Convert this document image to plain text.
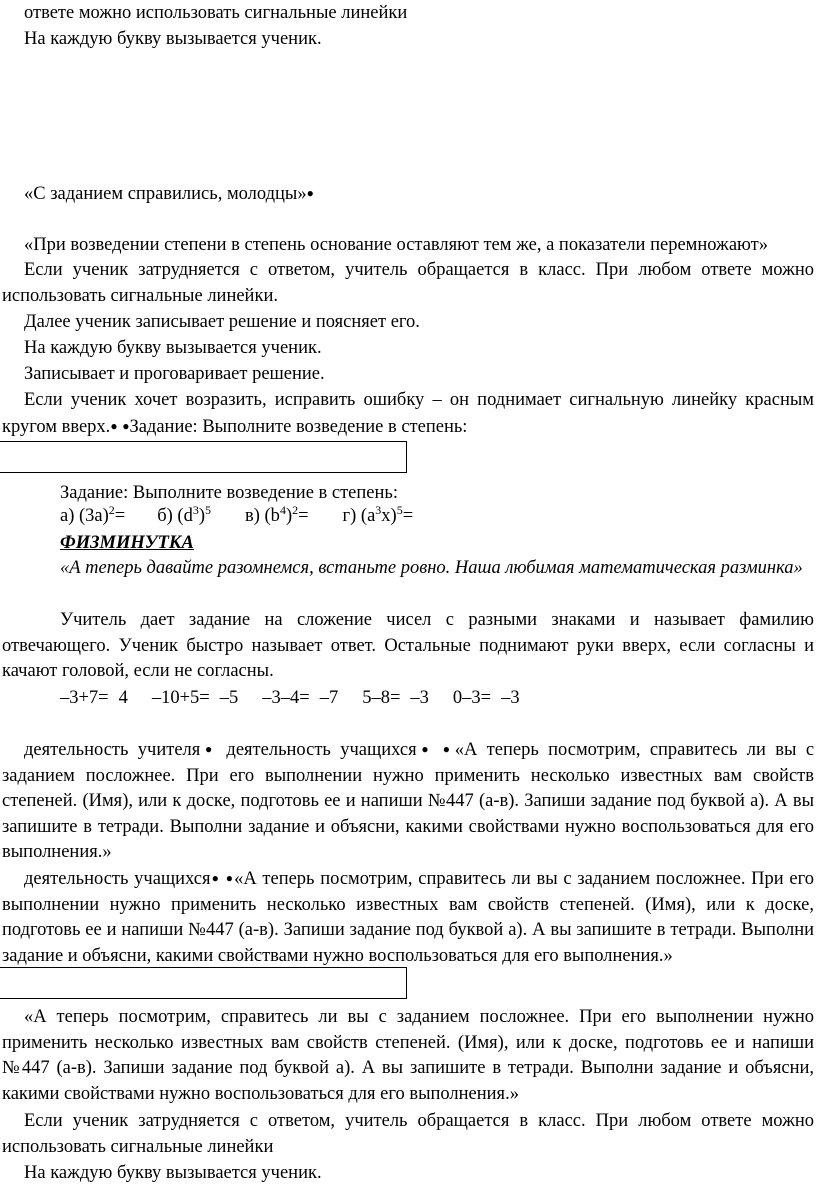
ответе можно использовать сигнальные линейки

На каждую букву вызывается ученик.

«С заданием справились, молодцы»●

«При возведении степени в степень основание оставляют тем же, а показатели перемножают»

Если ученик затрудняется с ответом, учитель обращается в класс. При любом ответе можно использовать сигнальные линейки.

Далее ученик записывает решение и поясняет его.

На каждую букву вызывается ученик.

Записывает и проговаривает решение.

Если ученик хочет возразить, исправить ошибку – он поднимает сигнальную линейку красным кругом вверх.● ●Задание: Выполните возведение в степень:

Задание: Выполните возведение в степень:

а) $(3а)^2= б$) $(d^3)^5$ в) $(b^4)^2= г$) $(а^3х)^5=$

ФИЗМИНУТКА

«А теперь давайте разомнемся, встаньте ровно. Наша любимая математическая разминка»

Учитель дает задание на сложение чисел с разными знаками и называет фамилию отвечающего. Ученик быстро называет ответ. Остальные поднимают руки вверх, если согласны и качают головой, если не согласны.

–3+7= 4 –10+5= –5 –3–4= –7 5–8= –3 0–3= –3

деятельность учителя● деятельность учащихся● ●«А теперь посмотрим, справитесь ли вы с заданием посложнее. При его выполнении нужно применить несколько известных вам свойств степеней. (Имя), или к доске, подготовь ее и напиши №447 (а-в). Запиши задание под буквой а). А вы запишите в тетради. Выполни задание и объясни, какими свойствами нужно воспользоваться для его выполнения.»

деятельность учащихся● ●«А теперь посмотрим, справитесь ли вы с заданием посложнее. При его выполнении нужно применить несколько известных вам свойств степеней. (Имя), или к доске, подготовь ее и напиши №447 (а-в). Запиши задание под буквой а). А вы запишите в тетради. Выполни задание и объясни, какими свойствами нужно воспользоваться для его выполнения.»

«А теперь посмотрим, справитесь ли вы с заданием посложнее. При его выполнении нужно применить несколько известных вам свойств степеней. (Имя), или к доске, подготовь ее и напиши №447 (а-в). Запиши задание под буквой а). А вы запишите в тетради. Выполни задание и объясни, какими свойствами нужно воспользоваться для его выполнения.»

Если ученик затрудняется с ответом, учитель обращается в класс. При любом ответе можно использовать сигнальные линейки

На каждую букву вызывается ученик.
